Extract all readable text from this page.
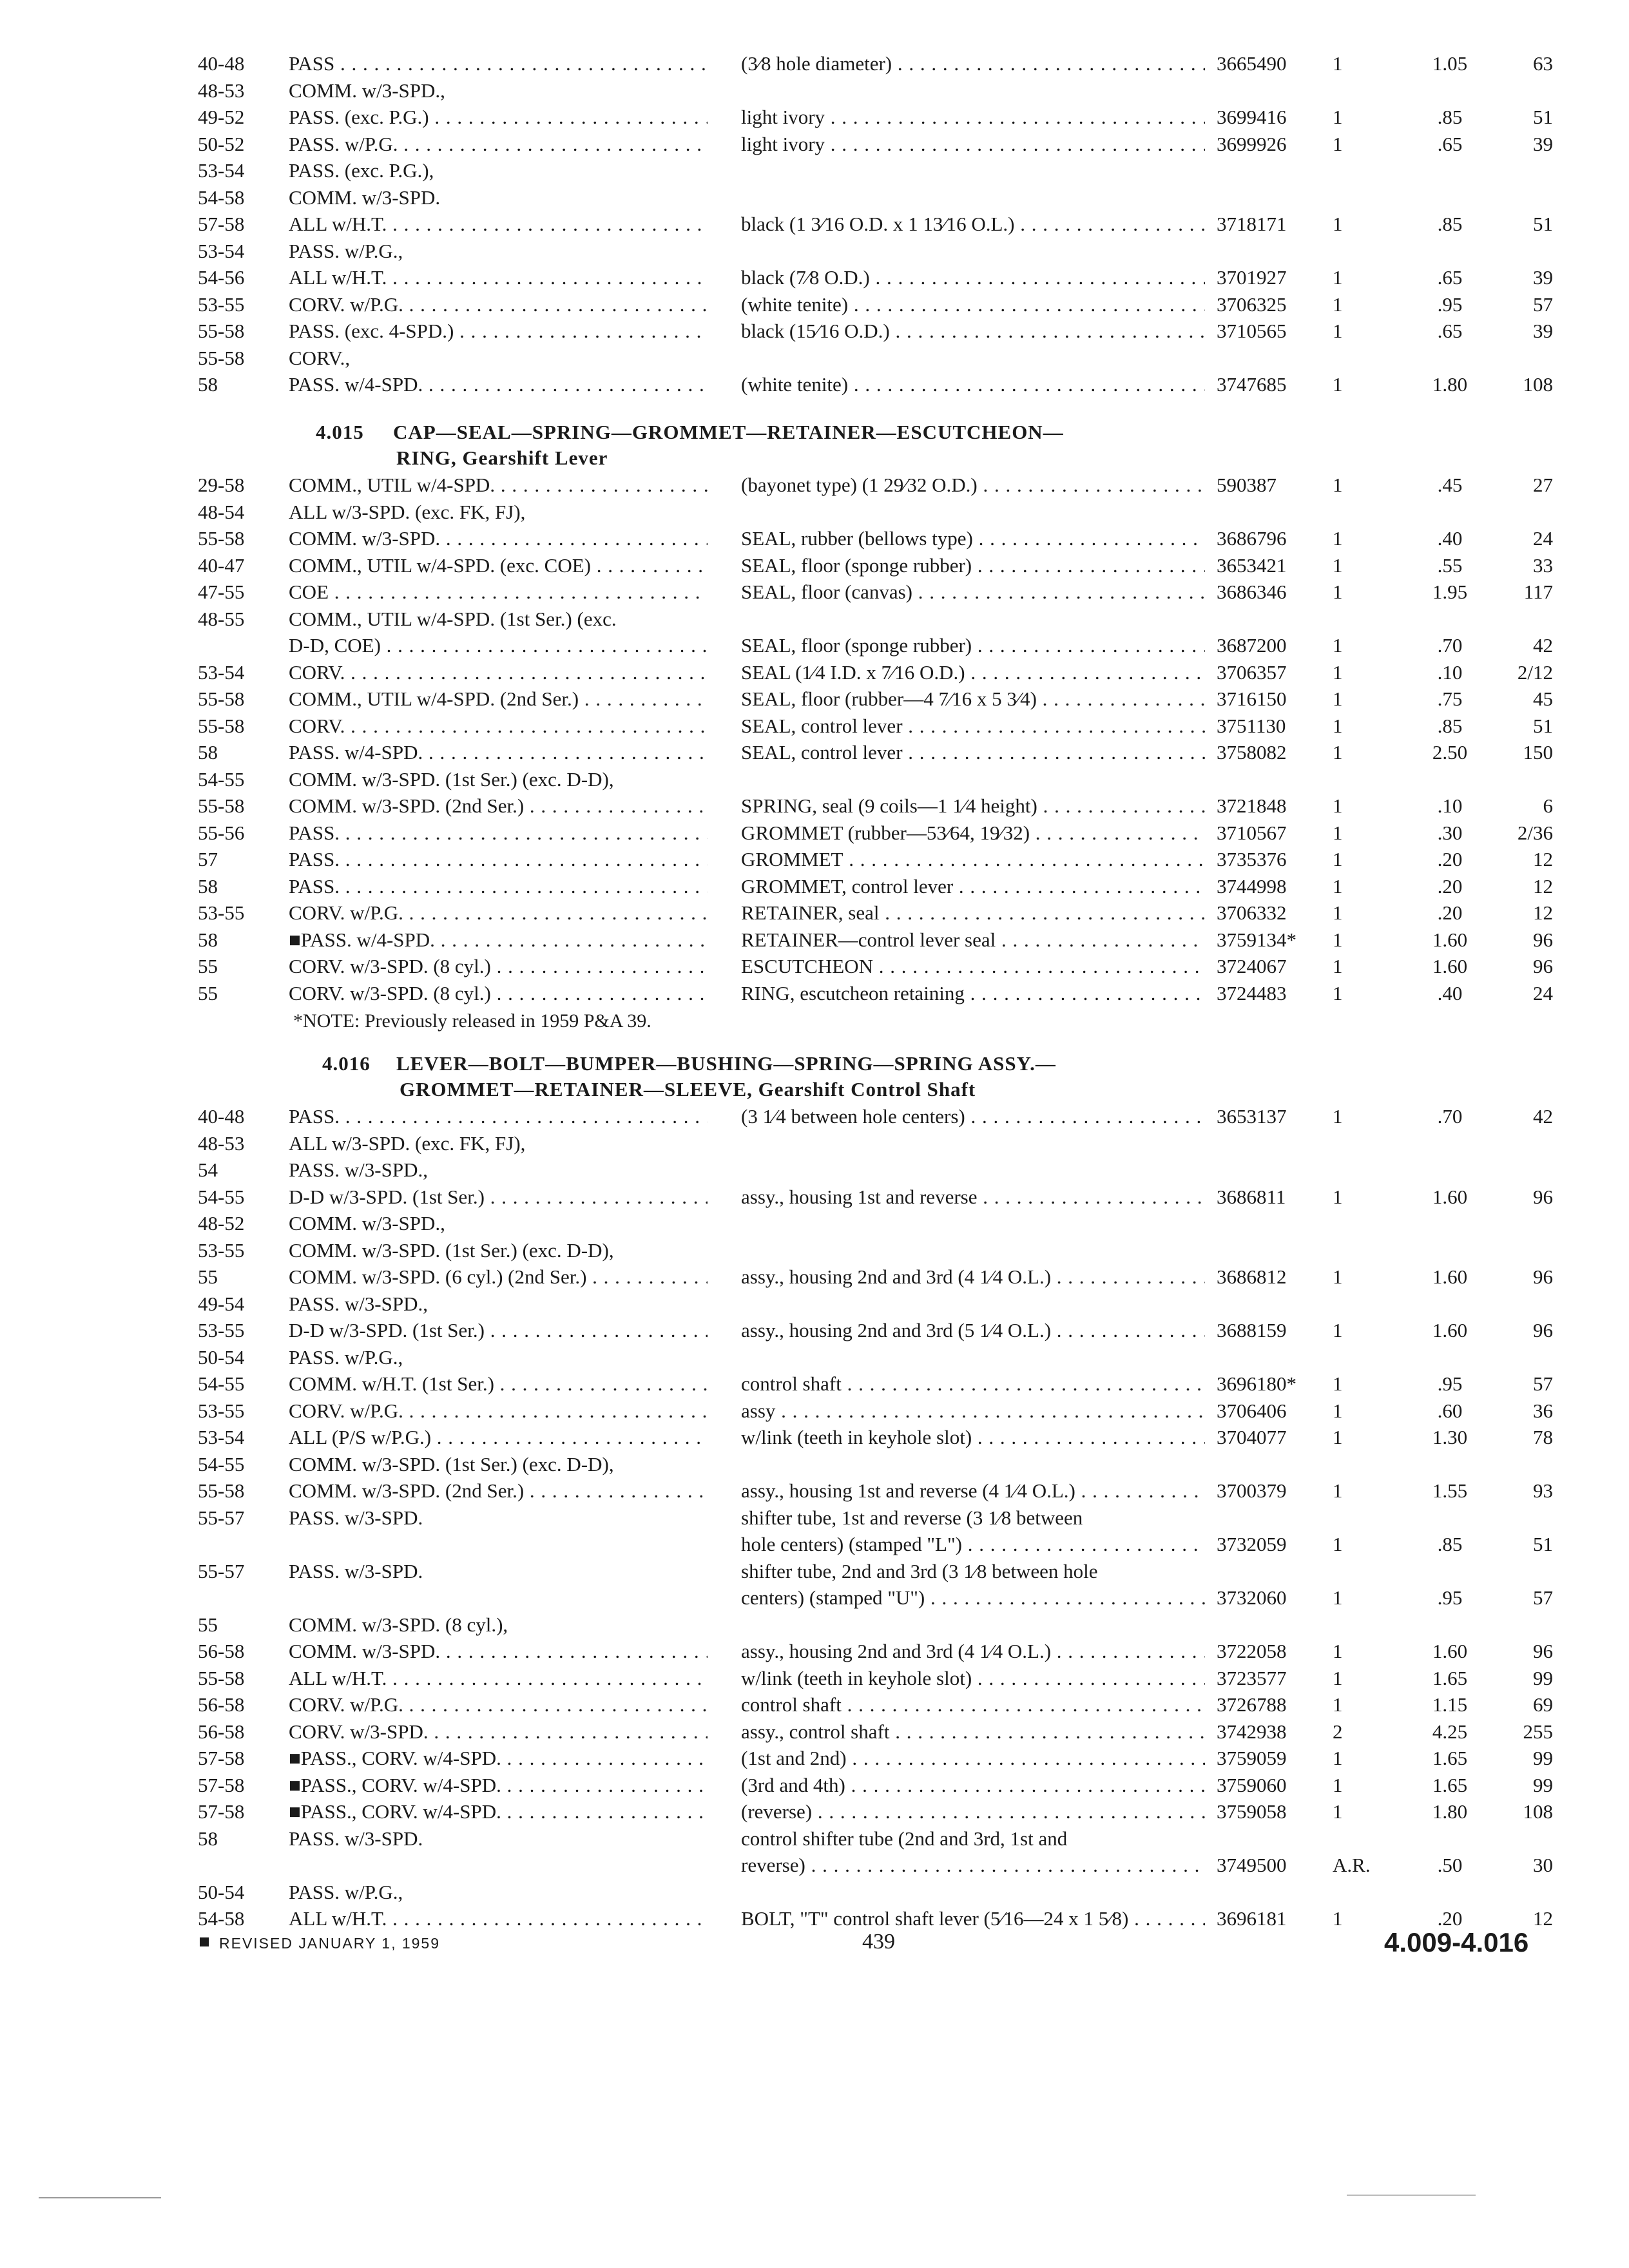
40-48 PASS . . .	(3⁄8 hole diameter) . . .	3665490 1	1.05	63
48-53 COMM. w/3-SPD.,
49-52 PASS. (exc. P.G.) . . .	light ivory . . .	3699416 1	.85	51
50-52 PASS. w/P.G. . . .	light ivory . . .	3699926 1	.65	39
53-54 PASS. (exc. P.G.),
54-58 COMM. w/3-SPD.
57-58 ALL w/H.T. . . .	black (1 3⁄16 O.D. x 1 13⁄16 O.L.) . . .	3718171 1	.85	51
53-54 PASS. w/P.G.,
54-56 ALL w/H.T. . . .	black (7⁄8 O.D.) . . .	3701927 1	.65	39
53-55 CORV. w/P.G. . . .	(white tenite) . . .	3706325 1	.95	57
55-58 PASS. (exc. 4-SPD.) . . .	black (15⁄16 O.D.) . . .	3710565 1	.65	39
55-58 CORV.,
58	PASS. w/4-SPD. . . .	(white tenite) . . .	3747685 1	1.80	108
4.015 CAP—SEAL—SPRING—GROMMET—RETAINER—ESCUTCHEON—
RING, Gearshift Lever
29-58 COMM., UTIL w/4-SPD. . . .	(bayonet type) (1 29⁄32 O.D.) . . .	590387	1	.45	27
48-54 ALL w/3-SPD. (exc. FK, FJ),
55-58 COMM. w/3-SPD. . . .	SEAL, rubber (bellows type) . . .	3686796 1	.40	24
40-47 COMM., UTIL w/4-SPD. (exc. COE) . . .	SEAL, floor (sponge rubber) . . .	3653421 1	.55	33
47-55 COE . . .	SEAL, floor (canvas) . . .	3686346 1	1.95	117
48-55 COMM., UTIL w/4-SPD. (1st Ser.) (exc.
D-D, COE) . . .	SEAL, floor (sponge rubber) . . .	3687200 1	.70	42
53-54 CORV. . . .	SEAL (1⁄4 I.D. x 7⁄16 O.D.) . . .	3706357 1	.10	2/12
55-58 COMM., UTIL w/4-SPD. (2nd Ser.) . . .	SEAL, floor (rubber—4 7⁄16 x 5 3⁄4) . . .	3716150 1	.75	45
55-58 CORV. . . .	SEAL, control lever . . .	3751130 1	.85	51
58	PASS. w/4-SPD. . . .	SEAL, control lever . . .	3758082 1	2.50	150
54-55 COMM. w/3-SPD. (1st Ser.) (exc. D-D),
55-58 COMM. w/3-SPD. (2nd Ser.) . . .	SPRING, seal (9 coils—1 1⁄4 height) . . .	3721848 1	.10	6
55-56 PASS. . . .	GROMMET (rubber—53⁄64, 19⁄32) . . .	3710567 1	.30	2/36
57	PASS. . . .	GROMMET . . .	3735376 1	.20	12
58	PASS. . . .	GROMMET, control lever . . .	3744998 1	.20	12
53-55 CORV. w/P.G. . . .	RETAINER, seal . . .	3706332 1	.20	12
58	■PASS. w/4-SPD. . . .	RETAINER—control lever seal . . .	3759134* 1	1.60	96
55	CORV. w/3-SPD. (8 cyl.) . . .	ESCUTCHEON . . .	3724067 1	1.60	96
55	CORV. w/3-SPD. (8 cyl.) . . .	RING, escutcheon retaining . . .	3724483 1	.40	24
*NOTE: Previously released in 1959 P&A 39.
4.016 LEVER—BOLT—BUMPER—BUSHING—SPRING—SPRING ASSY.—
GROMMET—RETAINER—SLEEVE, Gearshift Control Shaft
40-48 PASS. . . .	(3 1⁄4 between hole centers) . . .	3653137 1	.70	42
48-53 ALL w/3-SPD. (exc. FK, FJ),
54	PASS. w/3-SPD.,
54-55 D-D w/3-SPD. (1st Ser.) . . .	assy., housing 1st and reverse . . .	3686811 1	1.60	96
48-52 COMM. w/3-SPD.,
53-55 COMM. w/3-SPD. (1st Ser.) (exc. D-D),
55	COMM. w/3-SPD. (6 cyl.) (2nd Ser.) . . .	assy., housing 2nd and 3rd (4 1⁄4 O.L.) . . .	3686812 1	1.60	96
49-54 PASS. w/3-SPD.,
53-55 D-D w/3-SPD. (1st Ser.) . . .	assy., housing 2nd and 3rd (5 1⁄4 O.L.) . . .	3688159 1	1.60	96
50-54 PASS. w/P.G.,
54-55 COMM. w/H.T. (1st Ser.) . . .	control shaft . . .	3696180* 1	.95	57
53-55 CORV. w/P.G. . . .	assy . . .	3706406 1	.60	36
53-54 ALL (P/S w/P.G.) . . .	w/link (teeth in keyhole slot) . . .	3704077 1	1.30	78
54-55 COMM. w/3-SPD. (1st Ser.) (exc. D-D),
55-58 COMM. w/3-SPD. (2nd Ser.) . . .	assy., housing 1st and reverse (4 1⁄4 O.L.) . . .	3700379 1	1.55	93
55-57 PASS. w/3-SPD.	shifter tube, 1st and reverse (3 1⁄8 between
hole centers) (stamped "L") . . .	3732059 1	.85	51
55-57 PASS. w/3-SPD.	shifter tube, 2nd and 3rd (3 1⁄8 between hole
centers) (stamped "U") . . .	3732060 1	.95	57
55	COMM. w/3-SPD. (8 cyl.),
56-58 COMM. w/3-SPD. . . .	assy., housing 2nd and 3rd (4 1⁄4 O.L.) . . .	3722058 1	1.60	96
55-58 ALL w/H.T. . . .	w/link (teeth in keyhole slot) . . .	3723577 1	1.65	99
56-58 CORV. w/P.G. . . .	control shaft . . .	3726788 1	1.15	69
56-58 CORV. w/3-SPD. . . .	assy., control shaft . . .	3742938 2	4.25	255
57-58 ■PASS., CORV. w/4-SPD. . . .	(1st and 2nd) . . .	3759059 1	1.65	99
57-58 ■PASS., CORV. w/4-SPD. . . .	(3rd and 4th) . . .	3759060 1	1.65	99
57-58 ■PASS., CORV. w/4-SPD. . . .	(reverse) . . .	3759058 1	1.80	108
58	PASS. w/3-SPD.	control shifter tube (2nd and 3rd, 1st and
reverse) . . .	3749500 A.R.	.50	30
50-54 PASS. w/P.G.,
54-58 ALL w/H.T. . . .	BOLT, "T" control shaft lever (5⁄16—24 x 1 5⁄8) . . .	3696181 1	.20	12
REVISED JANUARY 1, 1959	439	4.009-4.016
